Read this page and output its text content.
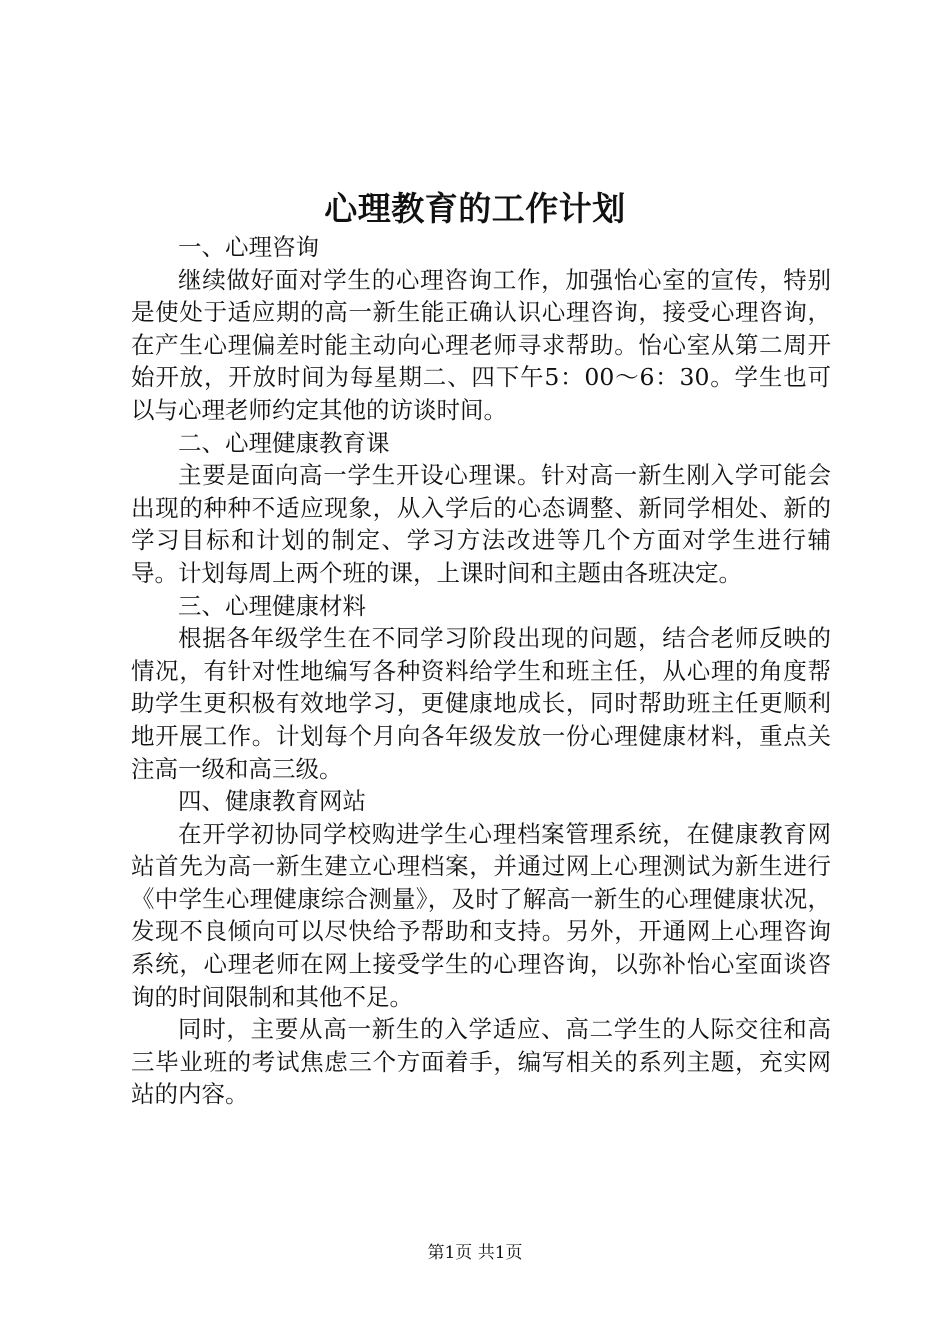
心理教育的工作计划

一、心理咨询

继续做好面对学生的心理咨询工作，加强怡心室的宣传，特别是使处于适应期的高一新生能正确认识心理咨询，接受心理咨询，在产生心理偏差时能主动向心理老师寻求帮助。怡心室从第二周开始开放，开放时间为每星期二、四下午5：00～6：30。学生也可以与心理老师约定其他的访谈时间。

二、心理健康教育课

主要是面向高一学生开设心理课。针对高一新生刚入学可能会出现的种种不适应现象，从入学后的心态调整、新同学相处、新的学习目标和计划的制定、学习方法改进等几个方面对学生进行辅导。计划每周上两个班的课，上课时间和主题由各班决定。

三、心理健康材料

根据各年级学生在不同学习阶段出现的问题，结合老师反映的情况，有针对性地编写各种资料给学生和班主任，从心理的角度帮助学生更积极有效地学习，更健康地成长，同时帮助班主任更顺利地开展工作。计划每个月向各年级发放一份心理健康材料，重点关注高一级和高三级。

四、健康教育网站

在开学初协同学校购进学生心理档案管理系统，在健康教育网站首先为高一新生建立心理档案，并通过网上心理测试为新生进行《中学生心理健康综合测量》，及时了解高一新生的心理健康状况，发现不良倾向可以尽快给予帮助和支持。另外，开通网上心理咨询系统，心理老师在网上接受学生的心理咨询，以弥补怡心室面谈咨询的时间限制和其他不足。

同时，主要从高一新生的入学适应、高二学生的人际交往和高三毕业班的考试焦虑三个方面着手，编写相关的系列主题，充实网站的内容。

第1页 共1页
